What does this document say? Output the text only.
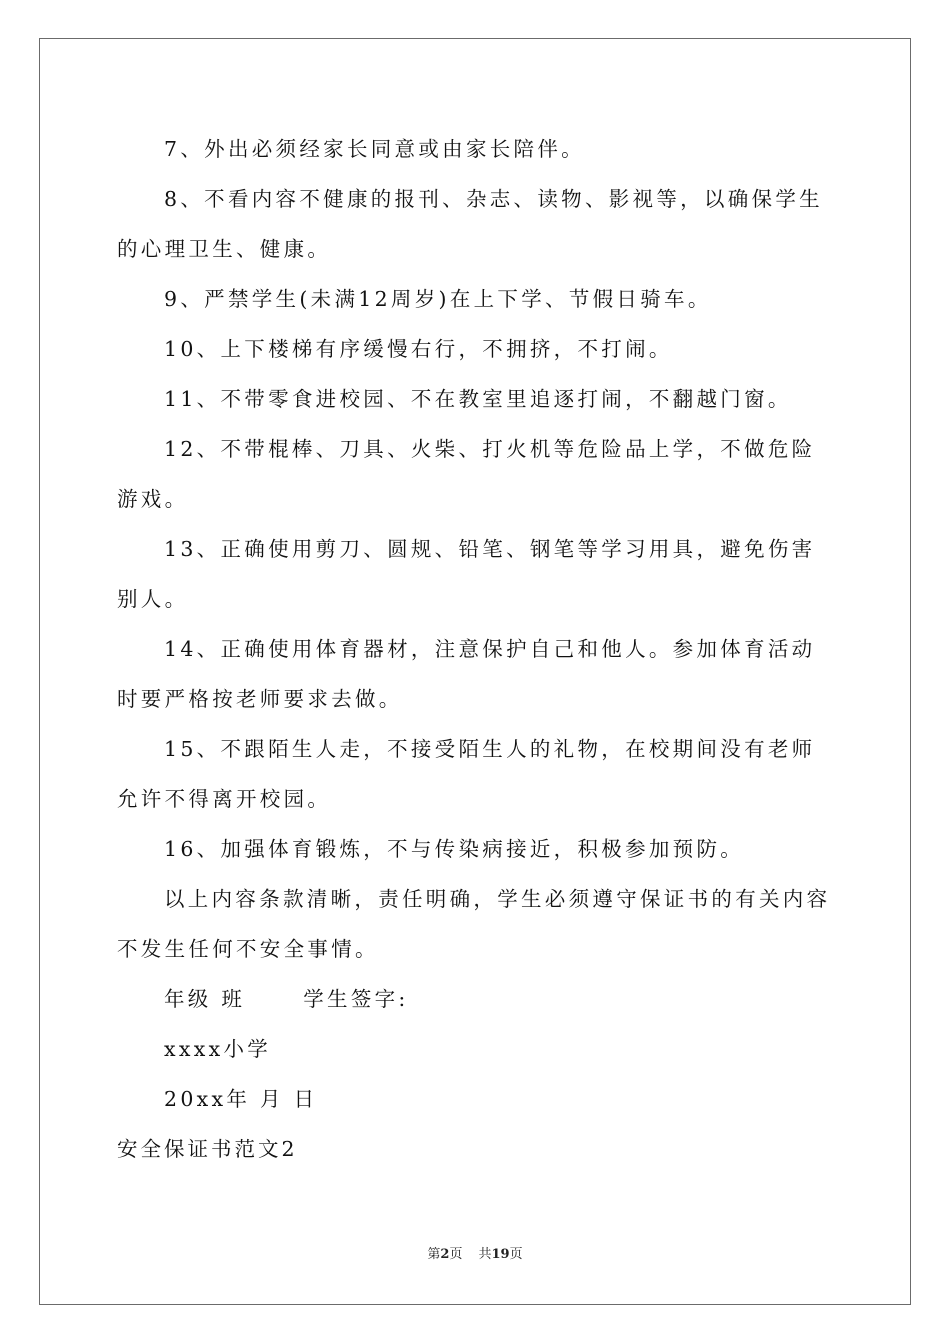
7、外出必须经家长同意或由家长陪伴。

8、不看内容不健康的报刊、杂志、读物、影视等，以确保学生的心理卫生、健康。

9、严禁学生(未满12周岁)在上下学、节假日骑车。

10、上下楼梯有序缓慢右行，不拥挤，不打闹。

11、不带零食进校园、不在教室里追逐打闹，不翻越门窗。

12、不带棍棒、刀具、火柴、打火机等危险品上学，不做危险游戏。

13、正确使用剪刀、圆规、铅笔、钢笔等学习用具，避免伤害别人。

14、正确使用体育器材，注意保护自己和他人。参加体育活动时要严格按老师要求去做。

15、不跟陌生人走，不接受陌生人的礼物，在校期间没有老师允许不得离开校园。

16、加强体育锻炼，不与传染病接近，积极参加预防。

以上内容条款清晰，责任明确，学生必须遵守保证书的有关内容不发生任何不安全事情。

年级 班	学生签字:

xxxx小学

20xx年 月 日

安全保证书范文2

第2页 共19页
